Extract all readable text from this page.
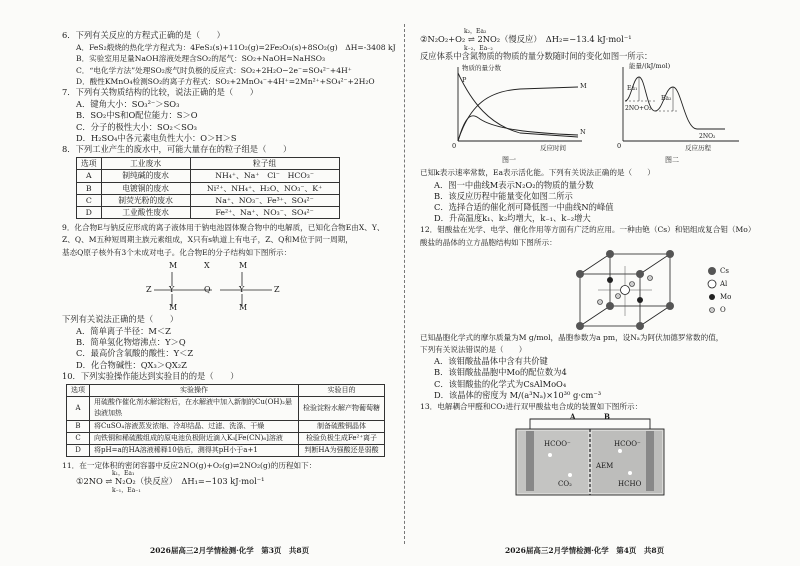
6．下列有关反应的方程式正确的是（　　）
A．FeS₂煅烧的热化学方程式为：4FeS₂(s)+11O₂(g)=2Fe₂O₃(s)+8SO₂(g)　ΔH=-3408 kJ
B．实验室用足量NaOH溶液处理含SO₂的尾气：SO₂+NaOH=NaHSO₃
C．“电化学方法”处理SO₂废气时负极的反应式：SO₂+2H₂O−2e⁻=SO₄²⁻+4H⁺
D．酸性KMnO₄检测SO₂的离子方程式：SO₂+2MnO₄⁻+4H⁺=2Mn²⁺+SO₄²⁻+2H₂O
7．下列有关物质结构的比较，说法正确的是（　　）
A．键角大小：SO₃²⁻＞SO₃
B．SO₂中S和O配位能力：S＞O
C．分子的极性大小：SO₂＜SO₃
D．H₂SO₄中各元素电负性大小：O＞H＞S
8．下列工业产生的废水中，可能大量存在的粒子组是（　　）
选项	工业废水	粒子组
A	制纯碱的废水	NH₄⁺、Na⁺　Cl⁻　HCO₃⁻
B	电镀铜的废水	Ni²⁺、NH₄⁺、H₂O、NO₃⁻、K⁺
C	制荧光粉的废水	Na⁺、NO₃⁻、Fe³⁺、SO₄²⁻
D	工业酸性废水	Fe²⁺、Na⁺、NO₃⁻、SO₄²⁻
9．化合物E与钠反应形成的离子液体用于钠电池固体聚合物中的电解质，已知化合物E由X、Y、
Z、Q、M五种短周期主族元素组成，X只有s轨道上有电子，Z、Q和M位于同一周期，
基态Q原子核外有3个未成对电子。化合物E的分子结构如下图所示：
M	X	M
Z Y	Q	Y	Z
M	M
下列有关说法正确的是（　　）
A．简单离子半径：M＜Z
B．简单氢化物熔沸点：Y＞Q
C．最高价含氧酸的酸性：Y＜Z
D．化合物碱性：QX₃＞QX₂Z
10．下列实验操作能达到实验目的的是（　　）
选项	实验操作	实验目的
A	用硫酸作催化剂水解淀粉后，在水解液中加入新制的Cu(OH)₂悬浊液加热	检验淀粉水解产物葡萄糖
B	将CuSO₄溶液蒸发浓缩、冷却结晶、过滤、洗涤、干燥	制备硫酸铜晶体
C	向铁铜和稀硫酸组成的原电池负极附近滴入K₃[Fe(CN)₆]溶液	检验负极生成Fe²⁺离子
D	将pH=a的HA溶液稀释10倍后，测得其pH小于a+1	判断HA为强酸还是弱酸
11．在一定体积的密闭容器中反应2NO(g)+O₂(g)⇌2NO₂(g)的历程如下：
k₁，Ea₁
①2NO ⇌ N₂O₂（快反应）　ΔH₁=−103 kJ·mol⁻¹
k₋₁，Ea₋₁
2026届高三2月学情检测·化学　第3页　共8页
k₂，Ea₂
②N₂O₂+O₂ ⇌ 2NO₂（慢反应）　ΔH₂=−13.4 kJ·mol⁻¹
k₋₂，Ea₋₂
反应体系中含氮物质的物质的量分数随时间的变化如图一所示：
物质的量分数
P
M
N
0	反应时间
图一
能量/(kJ/mol)
Ea₁
Ea₂
2NO+O₂
2NO₂
0	反应历程
图二
已知k表示速率常数，Ea表示活化能。下列有关说法正确的是（　　）
A．图一中曲线M表示N₂O₂的物质的量分数
B．该反应历程中能量变化如图二所示
C．选择合适的催化剂可降低图一中曲线N的峰值
D．升高温度k₁、k₂均增大，k₋₁、k₋₂增大
12．钼酸盐在光学、电学、催化作用等方面有广泛的应用。一种由铯（Cs）和铝组成复合钼（Mo）
酸盐的晶体的立方晶胞结构如下图所示：
Cs
Al
Mo
O
已知晶胞化学式的摩尔质量为M g/mol，晶胞参数为a pm，设Nₐ为阿伏加德罗常数的值，
下列有关说法错误的是（　　）
A．该钼酸盐晶体中含有共价键
B．该钼酸盐晶胞中Mo的配位数为4
C．该钼酸盐的化学式为CsAlMoO₄
D．该晶体的密度为 M/(a³Nₐ)×10³⁰ g·cm⁻³
13．电解耦合甲醛和CO₂进行双甲酸盐电合成的装置如下图所示：
A	B
HCOO⁻	HCOO⁻
AEM
CO₂	HCHO
2026届高三2月学情检测·化学　第4页　共8页
